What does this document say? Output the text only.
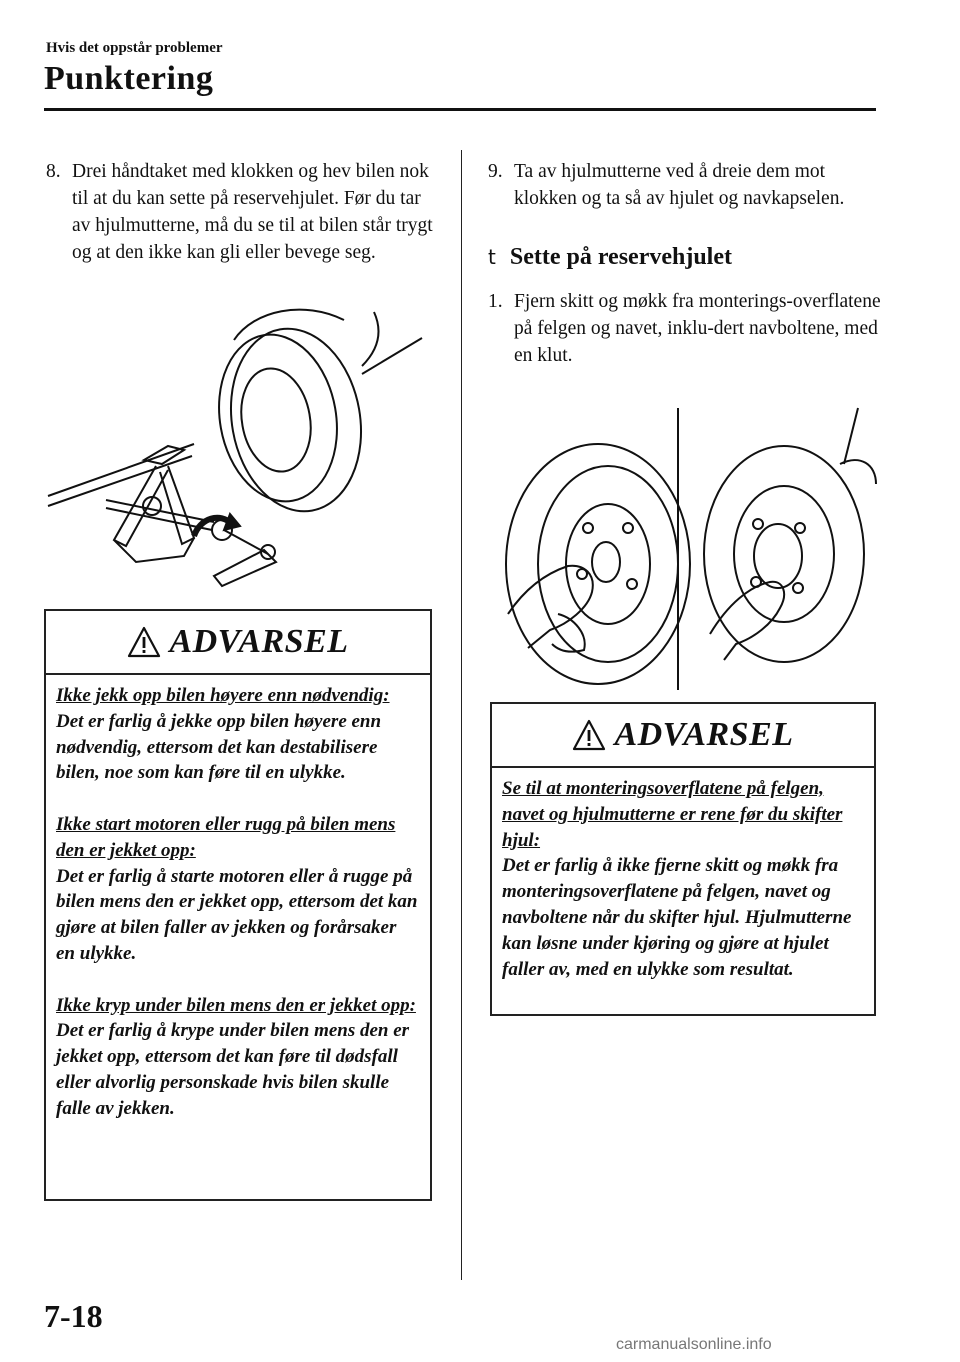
Hvis det oppstår problemer
Punktering
8. Drei håndtaket med klokken og hev bilen nok til at du kan sette på reservehjulet. Før du tar av hjulmutterne, må du se til at bilen står trygt og at den ikke kan gli eller bevege seg.
ADVARSEL
Ikke jekk opp bilen høyere enn nødvendig:
Det er farlig å jekke opp bilen høyere enn nødvendig, ettersom det kan destabilisere bilen, noe som kan føre til en ulykke.
Ikke start motoren eller rugg på bilen mens den er jekket opp:
Det er farlig å starte motoren eller å rugge på bilen mens den er jekket opp, ettersom det kan gjøre at bilen faller av jekken og forårsaker en ulykke.
Ikke kryp under bilen mens den er jekket opp:
Det er farlig å krype under bilen mens den er jekket opp, ettersom det kan føre til dødsfall eller alvorlig personskade hvis bilen skulle falle av jekken.
9. Ta av hjulmutterne ved å dreie dem mot klokken og ta så av hjulet og navkapselen.
t Sette på reservehjulet
1. Fjern skitt og møkk fra monterings-overflatene på felgen og navet, inklu-dert navboltene, med en klut.
ADVARSEL
Se til at monteringsoverflatene på felgen, navet og hjulmutterne er rene før du skifter hjul:
Det er farlig å ikke fjerne skitt og møkk fra monteringsoverflatene på felgen, navet og navboltene når du skifter hjul. Hjulmutterne kan løsne under kjøring og gjøre at hjulet faller av, med en ulykke som resultat.
7-18
carmanualsonline.info
